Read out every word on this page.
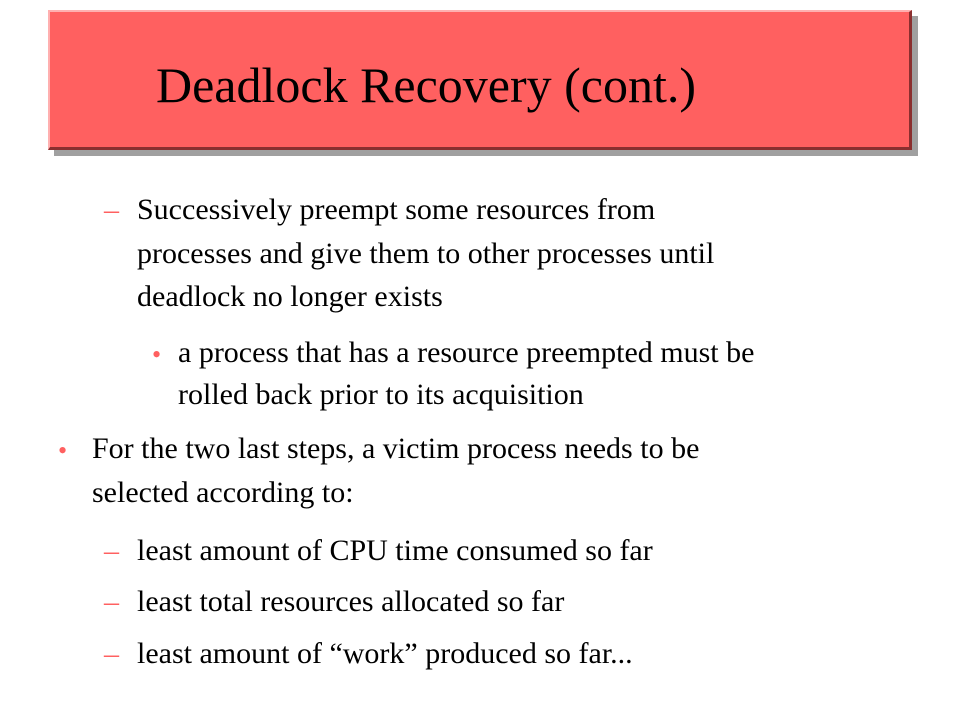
Deadlock Recovery (cont.)
– Successively preempt some resources from
processes and give them to other processes until
deadlock no longer exists
• a process that has a resource preempted must be
rolled back prior to its acquisition
• For the two last steps, a victim process needs to be
selected according to:
– least amount of CPU time consumed so far
– least total resources allocated so far
– least amount of “work” produced so far...
